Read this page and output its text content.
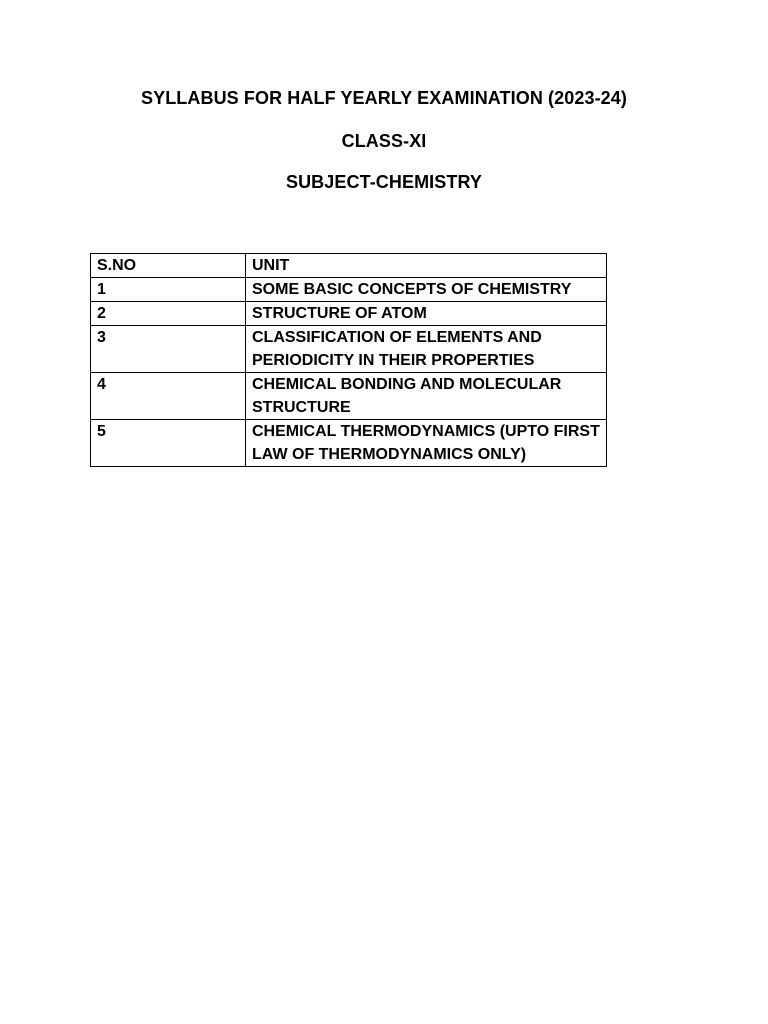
SYLLABUS FOR HALF YEARLY EXAMINATION (2023-24)
CLASS-XI
SUBJECT-CHEMISTRY
S.NO	UNIT
1	SOME BASIC CONCEPTS OF CHEMISTRY
2	STRUCTURE OF ATOM
3	CLASSIFICATION OF ELEMENTS AND PERIODICITY IN THEIR PROPERTIES
4	CHEMICAL BONDING AND MOLECULAR STRUCTURE
5	CHEMICAL THERMODYNAMICS (UPTO FIRST LAW OF THERMODYNAMICS ONLY)
